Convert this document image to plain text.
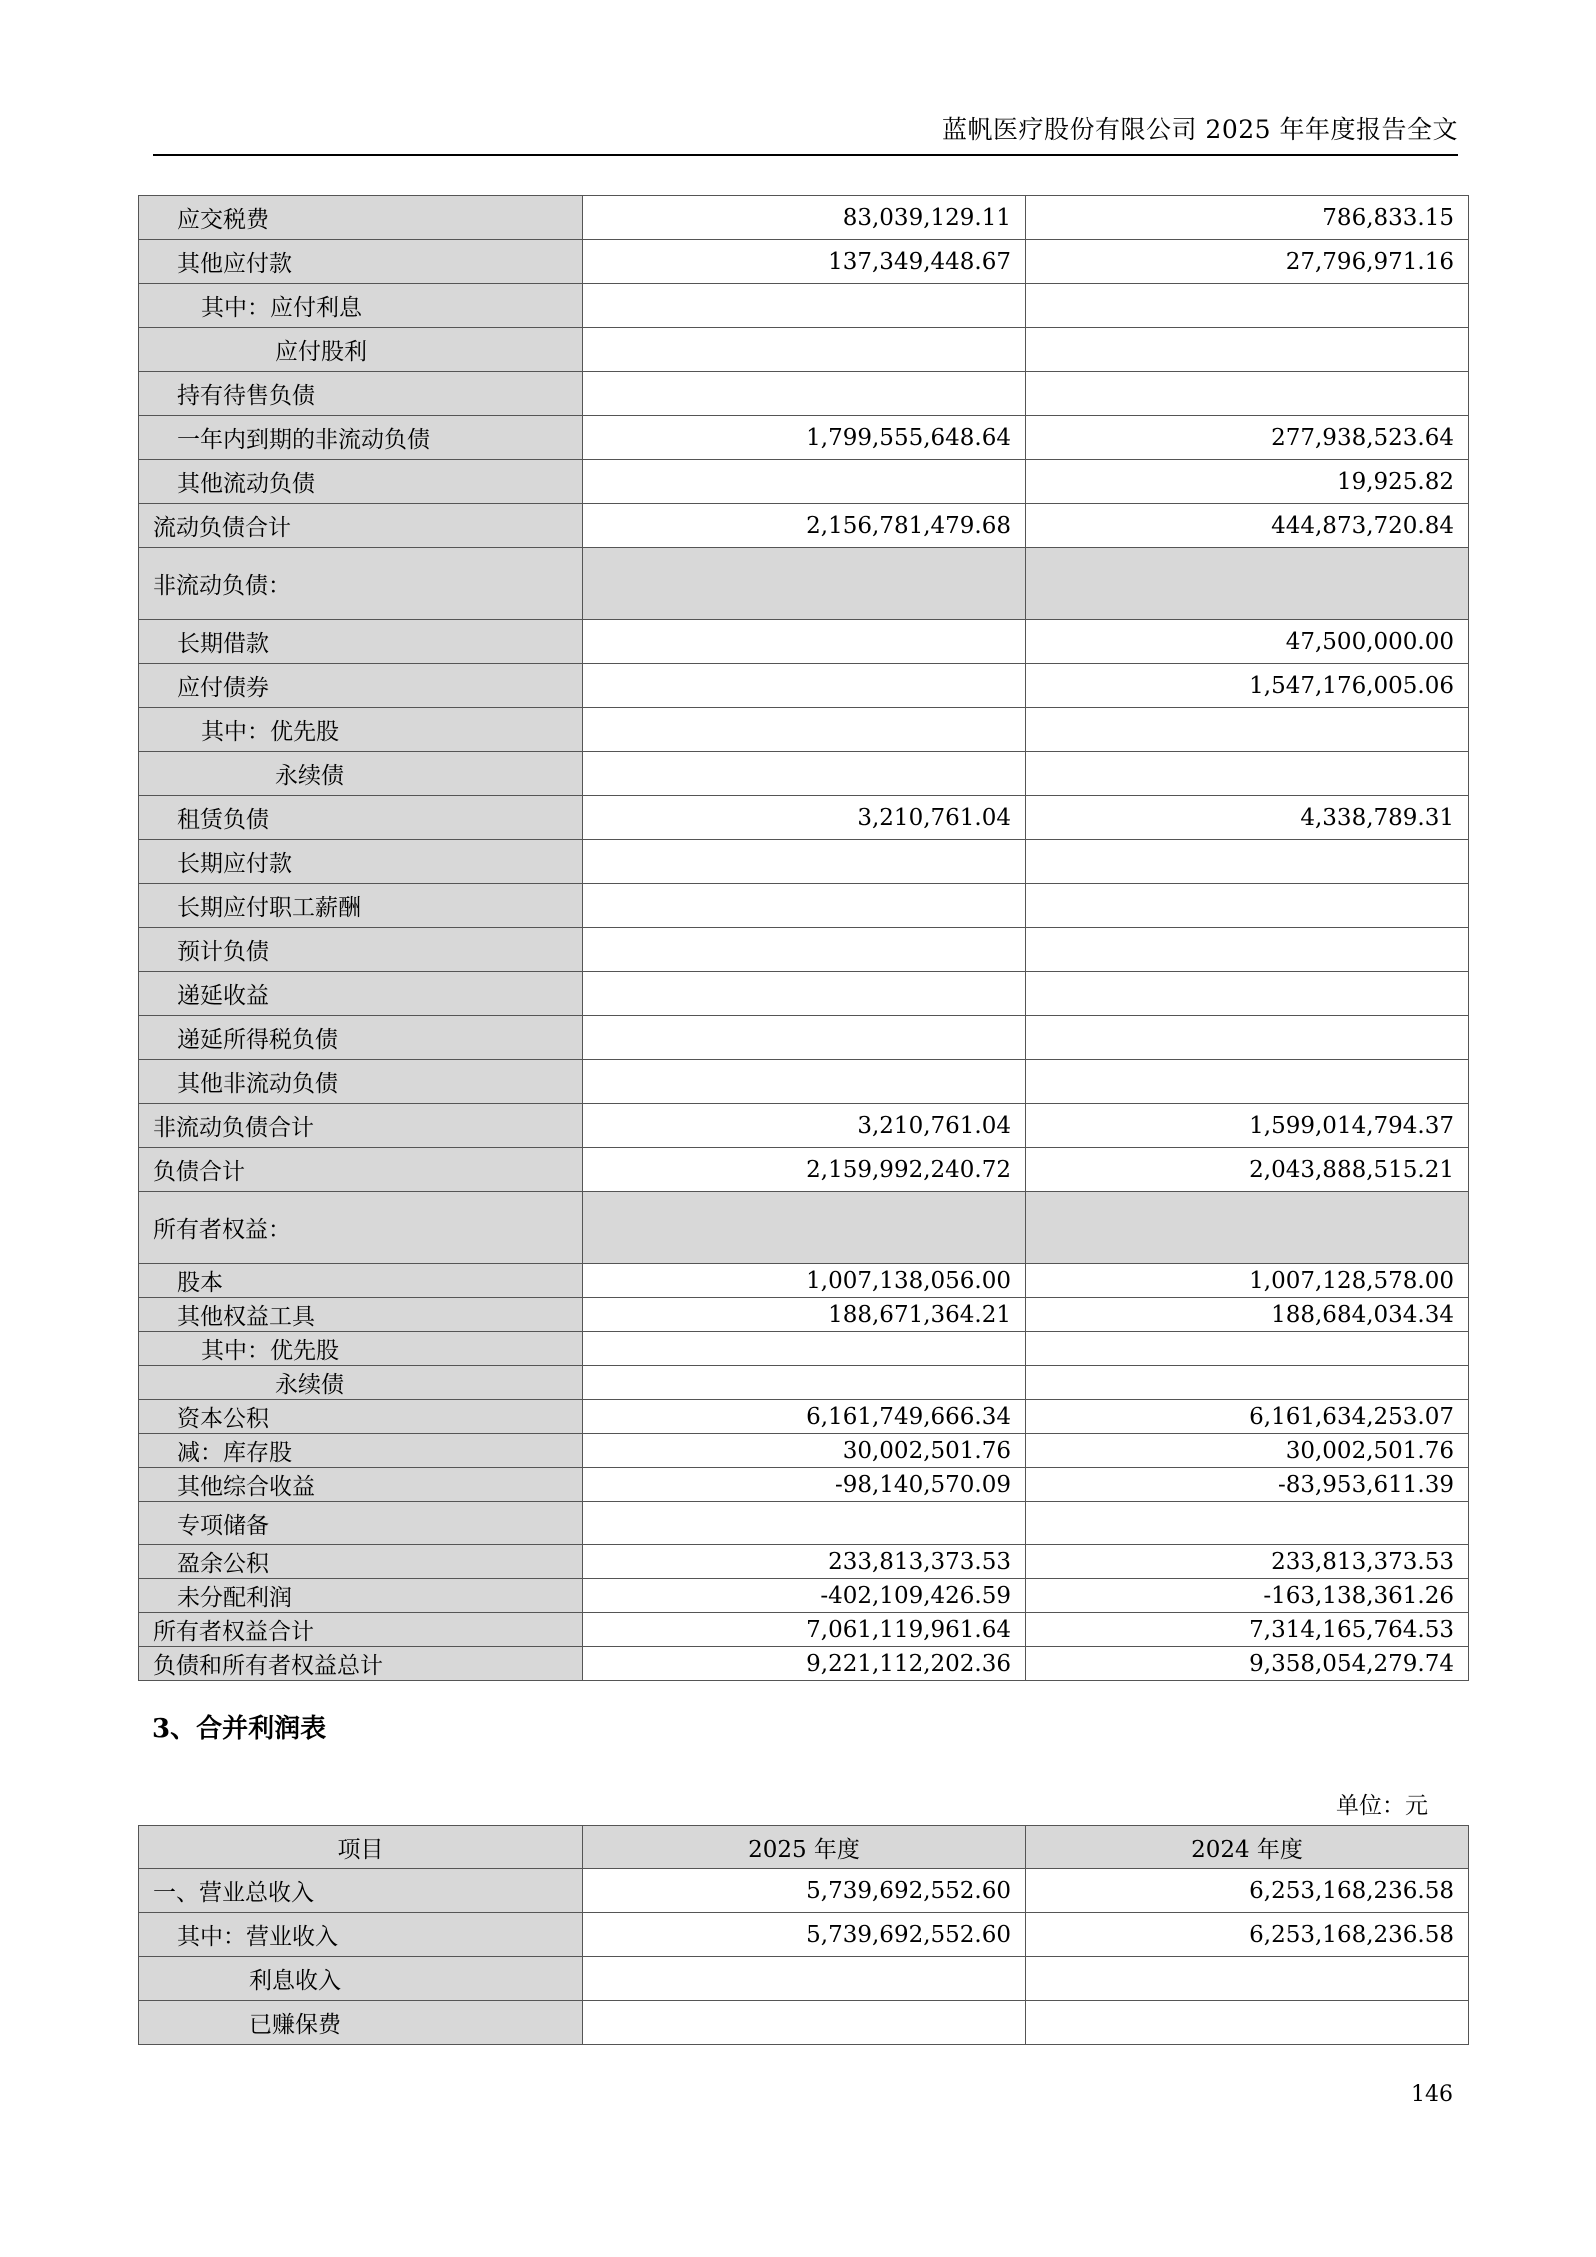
蓝帆医疗股份有限公司 2025 年年度报告全文
应交税费	83,039,129.11	786,833.15
其他应付款	137,349,448.67	27,796,971.16
其中：应付利息		
应付股利		
持有待售负债		
一年内到期的非流动负债	1,799,555,648.64	277,938,523.64
其他流动负债		19,925.82
流动负债合计	2,156,781,479.68	444,873,720.84
非流动负债：		
长期借款		47,500,000.00
应付债券		1,547,176,005.06
其中：优先股		
永续债		
租赁负债	3,210,761.04	4,338,789.31
长期应付款		
长期应付职工薪酬		
预计负债		
递延收益		
递延所得税负债		
其他非流动负债		
非流动负债合计	3,210,761.04	1,599,014,794.37
负债合计	2,159,992,240.72	2,043,888,515.21
所有者权益：		
股本	1,007,138,056.00	1,007,128,578.00
其他权益工具	188,671,364.21	188,684,034.34
其中：优先股		
永续债		
资本公积	6,161,749,666.34	6,161,634,253.07
减：库存股	30,002,501.76	30,002,501.76
其他综合收益	-98,140,570.09	-83,953,611.39
专项储备		
盈余公积	233,813,373.53	233,813,373.53
未分配利润	-402,109,426.59	-163,138,361.26
所有者权益合计	7,061,119,961.64	7,314,165,764.53
负债和所有者权益总计	9,221,112,202.36	9,358,054,279.74
3、合并利润表
单位：元
项目	2025 年度	2024 年度
一、营业总收入	5,739,692,552.60	6,253,168,236.58
其中：营业收入	5,739,692,552.60	6,253,168,236.58
利息收入		
已赚保费		
146
